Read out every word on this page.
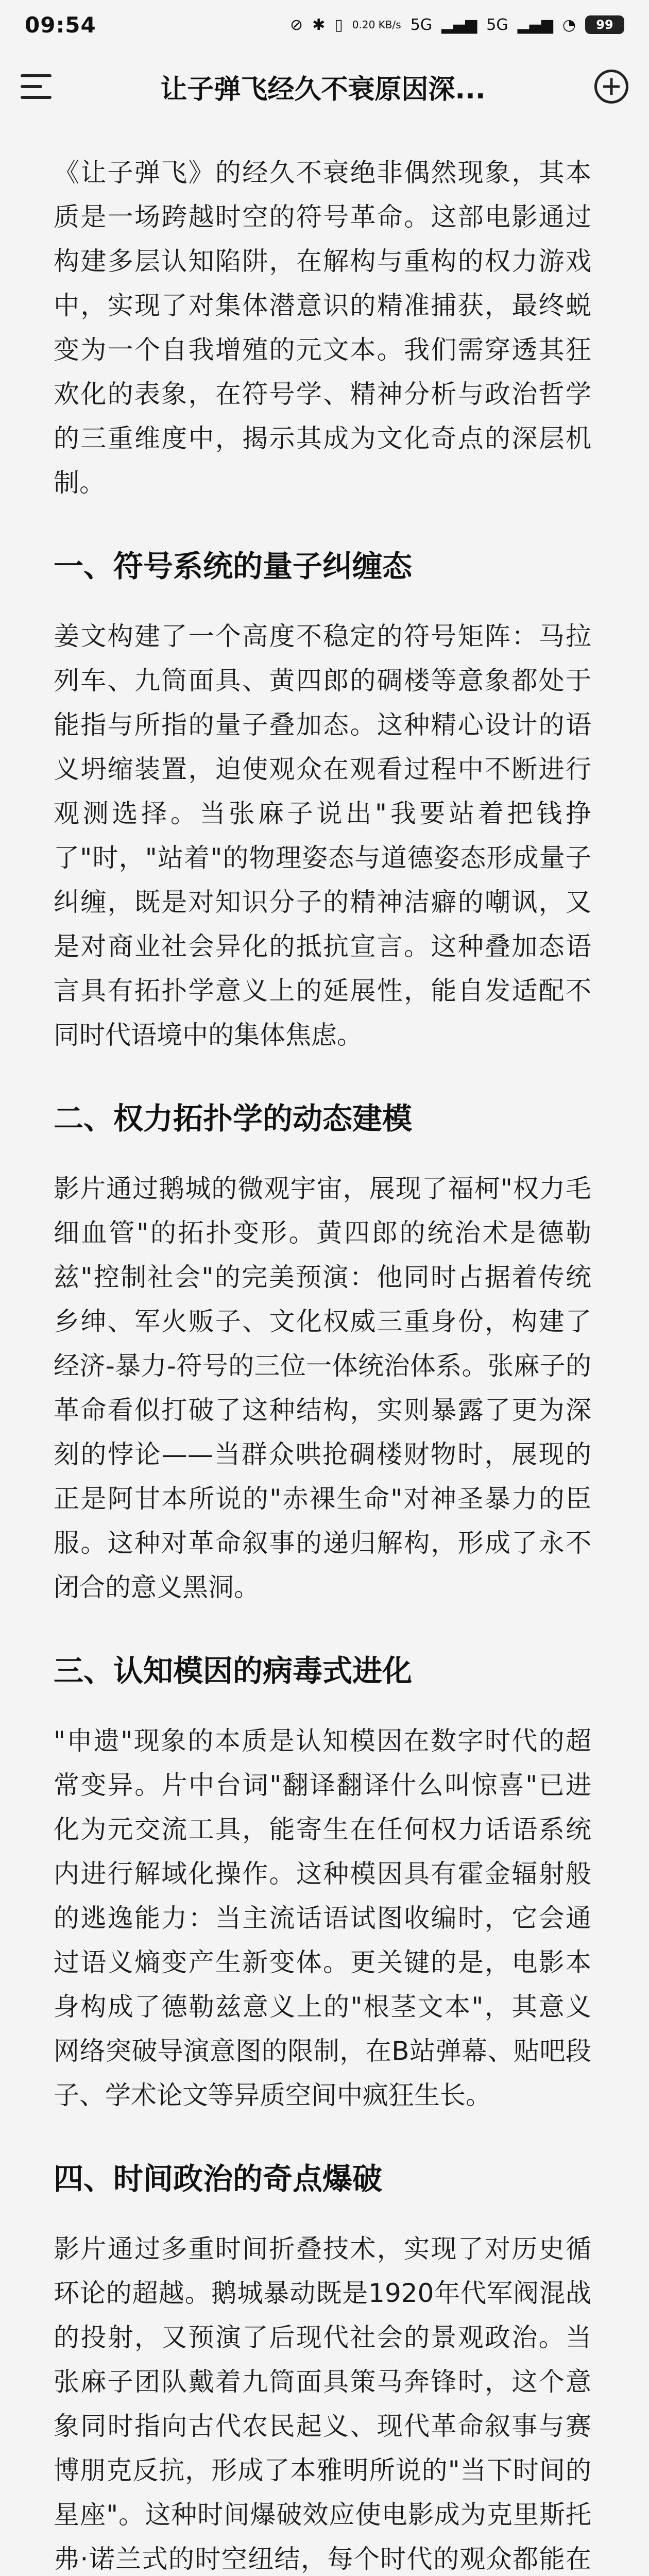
09:54	⊘ ✱ ▯ 0.20 KB/s 5G ▂▄▆ 5G ▂▄▆ ◔	99
让子弹飞经久不衰原因深...

《让子弹飞》的经久不衰绝非偶然现象，其本质是一场跨越时空的符号革命。这部电影通过构建多层认知陷阱，在解构与重构的权力游戏中，实现了对集体潜意识的精准捕获，最终蜕变为一个自我增殖的元文本。我们需穿透其狂欢化的表象，在符号学、精神分析与政治哲学的三重维度中，揭示其成为文化奇点的深层机制。

一、符号系统的量子纠缠态

姜文构建了一个高度不稳定的符号矩阵：马拉列车、九筒面具、黄四郎的碉楼等意象都处于能指与所指的量子叠加态。这种精心设计的语义坍缩装置，迫使观众在观看过程中不断进行观测选择。当张麻子说出"我要站着把钱挣了"时，"站着"的物理姿态与道德姿态形成量子纠缠，既是对知识分子的精神洁癖的嘲讽，又是对商业社会异化的抵抗宣言。这种叠加态语言具有拓扑学意义上的延展性，能自发适配不同时代语境中的集体焦虑。

二、权力拓扑学的动态建模

影片通过鹅城的微观宇宙，展现了福柯"权力毛细血管"的拓扑变形。黄四郎的统治术是德勒兹"控制社会"的完美预演：他同时占据着传统乡绅、军火贩子、文化权威三重身份，构建了经济-暴力-符号的三位一体统治体系。张麻子的革命看似打破了这种结构，实则暴露了更为深刻的悖论——当群众哄抢碉楼财物时，展现的正是阿甘本所说的"赤裸生命"对神圣暴力的臣服。这种对革命叙事的递归解构，形成了永不闭合的意义黑洞。

三、认知模因的病毒式进化

"申遗"现象的本质是认知模因在数字时代的超常变异。片中台词"翻译翻译什么叫惊喜"已进化为元交流工具，能寄生在任何权力话语系统内进行解域化操作。这种模因具有霍金辐射般的逃逸能力：当主流话语试图收编时，它会通过语义熵变产生新变体。更关键的是，电影本身构成了德勒兹意义上的"根茎文本"，其意义网络突破导演意图的限制，在B站弹幕、贴吧段子、学术论文等异质空间中疯狂生长。

四、时间政治的奇点爆破

影片通过多重时间折叠技术，实现了对历史循环论的超越。鹅城暴动既是1920年代军阀混战的投射，又预演了后现代社会的景观政治。当张麻子团队戴着九筒面具策马奔锋时，这个意象同时指向古代农民起义、现代革命叙事与赛博朋克反抗，形成了本雅明所说的"当下时间的星座"。这种时间爆破效应使电影成为克里斯托弗·诺兰式的时空纽结，每个时代的观众都能在
